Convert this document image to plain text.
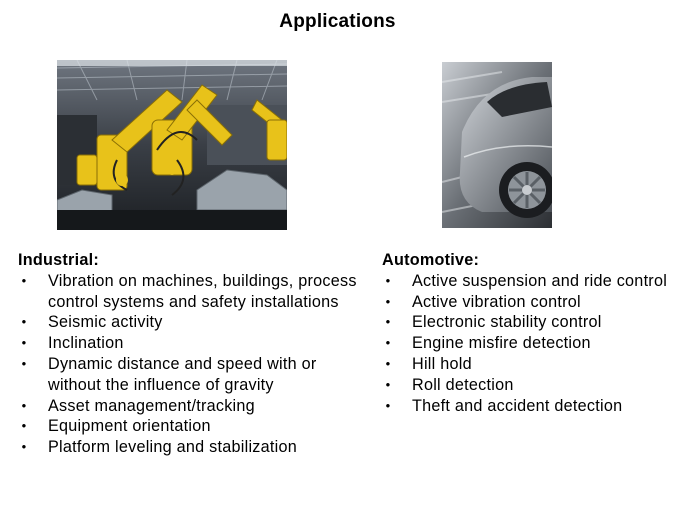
Applications
Industrial:
• Vibration on machines, buildings, process control systems and safety installations
• Seismic activity
• Inclination
• Dynamic distance and speed with or without the influence of gravity
• Asset management/tracking
• Equipment orientation
• Platform leveling and stabilization
Automotive:
• Active suspension and ride control
• Active vibration control
• Electronic stability control
• Engine misfire detection
• Hill hold
• Roll detection
• Theft and accident detection
